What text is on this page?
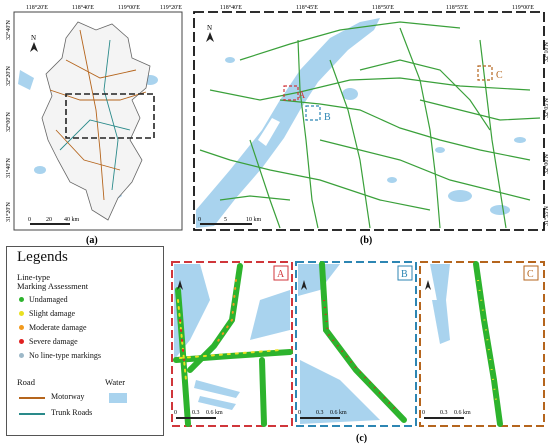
N
0	20 40 km
118°20'E	118°40'E	119°00'E	119°20'E
32°40'N
32°20'N
32°00'N
31°40'N
31°20'N
(a)
A
B
C
N
0	5	10 km
118°40'E	118°45'E	118°50'E	118°55'E	119°00'E
32°10'N
32°05'N
32°00'N
31°55'N
(b)
A
0	0.3 0.6 km
B
0	0.3 0.6 km
C
0	0.3 0.6 km
(c)
Legends
Line-type
Marking Assessment
Undamaged
Slight damage
Moderate damage
Severe damage
No line-type markings
Road	Water
Motorway
Trunk Roads
